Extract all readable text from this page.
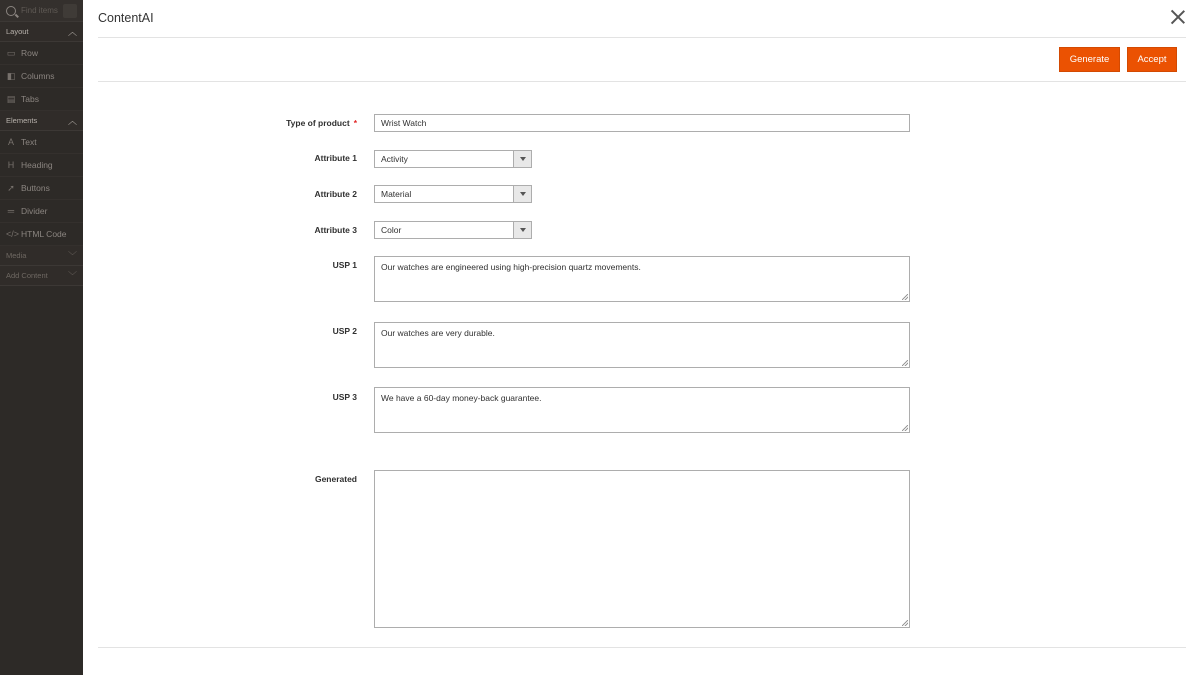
Find items
Layout	︿
▭ Row
◧ Columns
▤ Tabs
Elements	︿
A Text
H Heading
➚ Buttons
═ Divider
</> HTML Code
Media	﹀
Add Content ﹀
ContentAI
Generate	Accept
Type of product *	Wrist Watch
Attribute 1	Activity
Attribute 2	Material
Attribute 3	Color
USP 1	Our watches are engineered using high-precision quartz movements.
USP 2	Our watches are very durable.
USP 3	We have a 60-day money-back guarantee.
Generated
